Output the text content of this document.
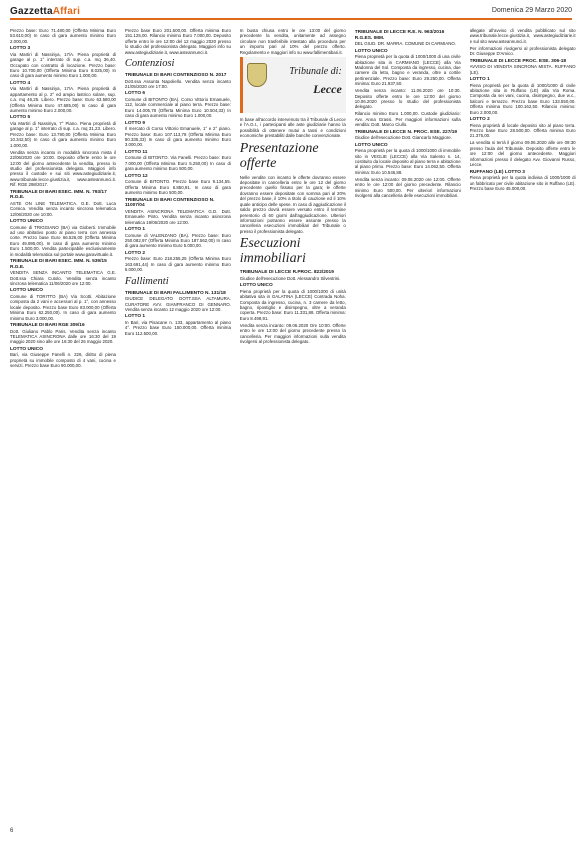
GazzettaAffari	Domenica 29 Marzo 2020

Prezzo base: Euro 71.480,00 (Offerta Minima Euro 53.610,00) In caso di gara aumento minimo Euro 2.000,00.

LOTTO 3

Via Martiri di Nassiriya, 17/A. Piena proprietà di garage al p. 1° interrato di sup. c.a. mq 36,40. Occupato con contratto di locazione. Prezzo base: Euro 10.700,00 (Offerta Minima Euro 8.025,00) In caso di gara aumento minimo Euro 1.000,00.

LOTTO 4

Via Martiri di Nassiriya, 17/A. Piena proprietà di appartamento al p. 2° ed ampio lastrico solare, sup. c.a. mq 46,25. Libero. Prezzo base: Euro 63.580,00 (Offerta Minima Euro 47.685,00) In caso di gara aumento minimo Euro 2.000,00.

LOTTO 5

Via Martiri di Nassiriya, 7° Piano. Piena proprietà di garage al p. 1° interrato di sup. c.a. mq 31,23. Libero. Prezzo base: Euro 13.790,00 (Offerta Minima Euro 10.342,50) In caso di gara aumento minimo Euro 1.000,00.

Vendita senza incanto in modalità sincrona mista il 22/06/2020 ore 10:00. Deposito offerte entro le ore 12:00 del giorno antecedente la vendita, presso lo studio del professionista delegato. Maggiori info presso il custode e sui siti www.astegiudiziarie.it, www.tribunale.lecce.giustizia.it, www.asteannunci.it. Rif. RGE 298/2017.

TRIBUNALE DI BARI ESEC. IMM. N. 793/17 R.G.E.

ASTE ON LINE TELEMATICA. G.E. Dott. Luca Corsica. Vendita senza incanto sincrona telematica 12/06/2020 ore 10:00.

LOTTO UNICO

Comune di TRIGGIANO (BA) via Gioberti. Immobile ad uso abitativo posto al piano terra con annessa corte. Prezzo base Euro 66.526,00 (Offerta Minima Euro 49.895,00). In caso di gara aumento minimo Euro 1.500,00. Vendita partecipabile esclusivamente in modalità telematica sul portale www.garavirtuale.it.

TRIBUNALE DI BARI ESEC. IMM. N. 539/15 R.G.E.

VENDITA SENZA INCANTO TELEMATICA G.E. Dott.ssa Chiara Cutolo. Vendita senza incanto sincrona telematica 11/06/2020 ore 12:00.

LOTTO UNICO

Comune di TORITTO (BA) Via Scotti. Abitazione composta da 2 vani e accessori al p. 1°, con annesso locale deposito. Prezzo base Euro 83.000,00 (Offerta Minima Euro 62.250,00). In caso di gara aumento minimo Euro 3.000,00.

TRIBUNALE DI BARI RGE 309/16

Dott. Giuliano Pablo Paris. Vendita senza incanto TELEMATICA ASINCRONA dalle ore 16:30 del 19 maggio 2020 sino alle ore 16:30 del 26 maggio 2020.

LOTTO UNICO

Bari, via Giuseppe Fanelli n. 226, diritto di piena proprietà su immobile composto di 4 vani, cucina e servizi. Prezzo base Euro 90.000,00.

Prezzo base Euro 201.500,00. Offerta minima Euro 151.125,00. Rilancio minimo Euro 7.000,00. Deposito offerte entro le ore 12:00 del 12 maggio 2020 presso lo studio del professionista delegato. Maggiori info su www.astegiudiziarie.it, www.asteannunci.it.

Contenziosi
TRIBUNALE DI BARI CONTENZIOSO N. 2017

Dott.ssa Assunta Napoliello. Vendita senza incanto 21/05/2020 ore 17:00.

LOTTO 6

Comune di BITONTO (BA). Corso Vittorio Emanuele, 112, locale commerciale al piano terra. Prezzo base: Euro 14.005,78 (Offerta Minima Euro 10.504,33) In caso di gara aumento minimo Euro 1.000,00.

LOTTO 9

Il mercato di Corso Vittorio Emanuele, 1° e 2° piano. Prezzo base: Euro 107.113,78 (Offerta Minima Euro 80.335,33) In caso di gara aumento minimo Euro 3.000,00.

LOTTO 11

Comune di BITONTO. Via Fanelli. Prezzo base: Euro 7.000,00 (Offerta Minima Euro 5.250,00) In caso di gara aumento minimo Euro 500,00.

LOTTO 12

Comune di BITONTO. Prezzo base Euro 9.134,55. Offerta Minima Euro 6.850,91. In caso di gara aumento minimo Euro 500,00.

TRIBUNALE DI BARI CONTENZIOSO N. 11007/04

VENDITA ASINCRONA TELEMATICA G.D. Dott. Emanuele Pinto. Vendita senza incanto asincrona telematica 19/06/2020 ore 12:00.

LOTTO 1

Comune di VALENZANO (BA). Prezzo base: Euro 250.082,97 (Offerta Minima Euro 187.562,00) In caso di gara aumento minimo Euro 5.000,00.

LOTTO 2

Prezzo base: Euro 218.255,25 (Offerta Minima Euro 163.691,44) In caso di gara aumento minimo Euro 5.000,00.

Fallimenti
TRIBUNALE DI BARI FALLIMENTO N. 131/18

GIUDICE DELEGATO DOTT.SSA ALTAMURA. CURATORE AVV. GIANFRANCO DI GENNARO. Vendita senza incanto 12 maggio 2020 ore 12:00.

LOTTO 1

In Bari, via Pisacane n. 133, appartamento al piano 4°. Prezzo base Euro 150.000,00. Offerta minima Euro 112.500,00.

In busta chiusa entro le ore 13:00 del giorno precedente la vendita, unitamente ad assegno circolare non trasferibile intestato alla procedura per un importo pari al 10% del prezzo offerto. Regolamento e maggiori info su www.fallimentibari.it.

Tribunale di:
Lecce

In base all'accordo intervenuto tra il Tribunale di Lecce e l'A.G.I., i partecipanti alle aste giudiziarie hanno la possibilità di ottenere mutui a tassi e condizioni economiche prestabiliti dalle banche convenzionate.

Presentazione offerte

Nelle vendite con incanto le offerte dovranno essere depositate in cancelleria entro le ore 12 del giorno precedente quello fissato per la gara; le offerte dovranno essere depositate con somma pari al 20% del prezzo base, il 10% a titolo di cauzione ed il 10% quale anticipo delle spese. In caso di aggiudicazione il saldo prezzo dovrà essere versato entro il termine perentorio di 60 giorni dall'aggiudicazione. Ulteriori informazioni potranno essere assunte presso la cancelleria esecuzioni immobiliari del Tribunale o presso il professionista delegato.

Esecuzioni immobiliari
TRIBUNALE DI LECCE R.PROC. 822/2019

Giudice dell'esecuzione Dott. Alessandro Silvestrini.

LOTTO UNICO

Piena proprietà per la quota di 1000/1000 di unità abitativa sita in GALATINA (LECCE) Contrada Noha. Composta da ingresso, cucina, n. 3 camere da letto, bagno, ripostiglio e disimpegno, oltre a veranda coperta. Prezzo base: Euro 11.331,88. Offerta minima: Euro 8.498,91.

Vendita senza incanto: 09.06.2020 Ore 10:00. Offerte entro le ore 12:00 del giorno precedente presso la cancelleria. Per maggiori informazioni sulla vendita rivolgersi al professionista delegato.

TRIBUNALE DI LECCE R.E. N. 963/2016 R.G.ES. IMM.

DEL GIUD. DR. MARRA. COMUNE DI CARMIANO.

LOTTO UNICO

Piena proprietà per la quota di 1000/1000 di una civile abitazione sita in CARMIANO (LECCE) alla Via Madonna del Sol. Composta da ingresso, cucina, due camere da letto, bagno e veranda, oltre a cortile pertinenziale. Prezzo base: Euro 29.250,00. Offerta minima: Euro 21.937,50.

Vendita senza incanto: 11.06.2020 ore 10:30. Deposito offerte entro le ore 12:00 del giorno 10.06.2020 presso lo studio del professionista delegato.

Rilancio minimo Euro 1.000,00. Custode giudiziario: Avv. Anna Grassi. Per maggiori informazioni sulla vendita: Dott. Marco Ciullo.

TRIBUNALE DI LECCE N. PROC. ESE. 227/19

Giudice dell'esecuzione Dott. Giancarlo Maggiore.

LOTTO UNICO

Piena proprietà per la quota di 1000/1000 di immobile sito in VEGLIE (LECCE) alla Via Salento n. 14, costituito da locale deposito al piano terra e abitazione al piano primo. Prezzo base: Euro 14.062,50. Offerta minima: Euro 10.546,88.

Vendita senza incanto: 09.06.2020 ore 12:00. Offerte entro le ore 12:00 del giorno precedente. Rilancio minimo Euro 500,00. Per ulteriori informazioni rivolgersi alla cancelleria delle esecuzioni immobiliari.

allegate all'avviso di vendita pubblicato sul sito www.tribunale.lecce.giustizia.it, www.astegiudiziarie.it e sul sito www.asteannunci.it.

Per informazioni rivolgersi al professionista delegato Dr. Giuseppe D'Amico.

TRIBUNALE DI LECCE PROC. ESE. 306-18

AVVISO DI VENDITA SINCRONA MISTA. RUFFANO (LE).

LOTTO 1

Piena proprietà per la quota di 1000/1000 di civile abitazione sita in Ruffano (LE) alla Via Roma. Composta da sei vani, cucina, disimpegno, due w.c., balconi e terrazzo. Prezzo base Euro 133.550,00. Offerta minima Euro 100.162,50. Rilancio minimo: Euro 2.000,00.

LOTTO 2

Piena proprietà di locale deposito sito al piano terra. Prezzo base Euro 28.500,00. Offerta minima Euro 21.375,00.

La vendita si terrà il giorno 09.06.2020 alle ore 09:30 presso l'aula del Tribunale. Deposito offerte entro le ore 12:00 del giorno antecedente. Maggiori informazioni presso il delegato Avv. Giovanni Russo, Lecce.

RUFFANO (LE) LOTTO 3

Piena proprietà per la quota indivisa di 1000/1000 di un fabbricato per civile abitazione sito in Ruffano (LE). Prezzo base Euro 45.000,00.

6
